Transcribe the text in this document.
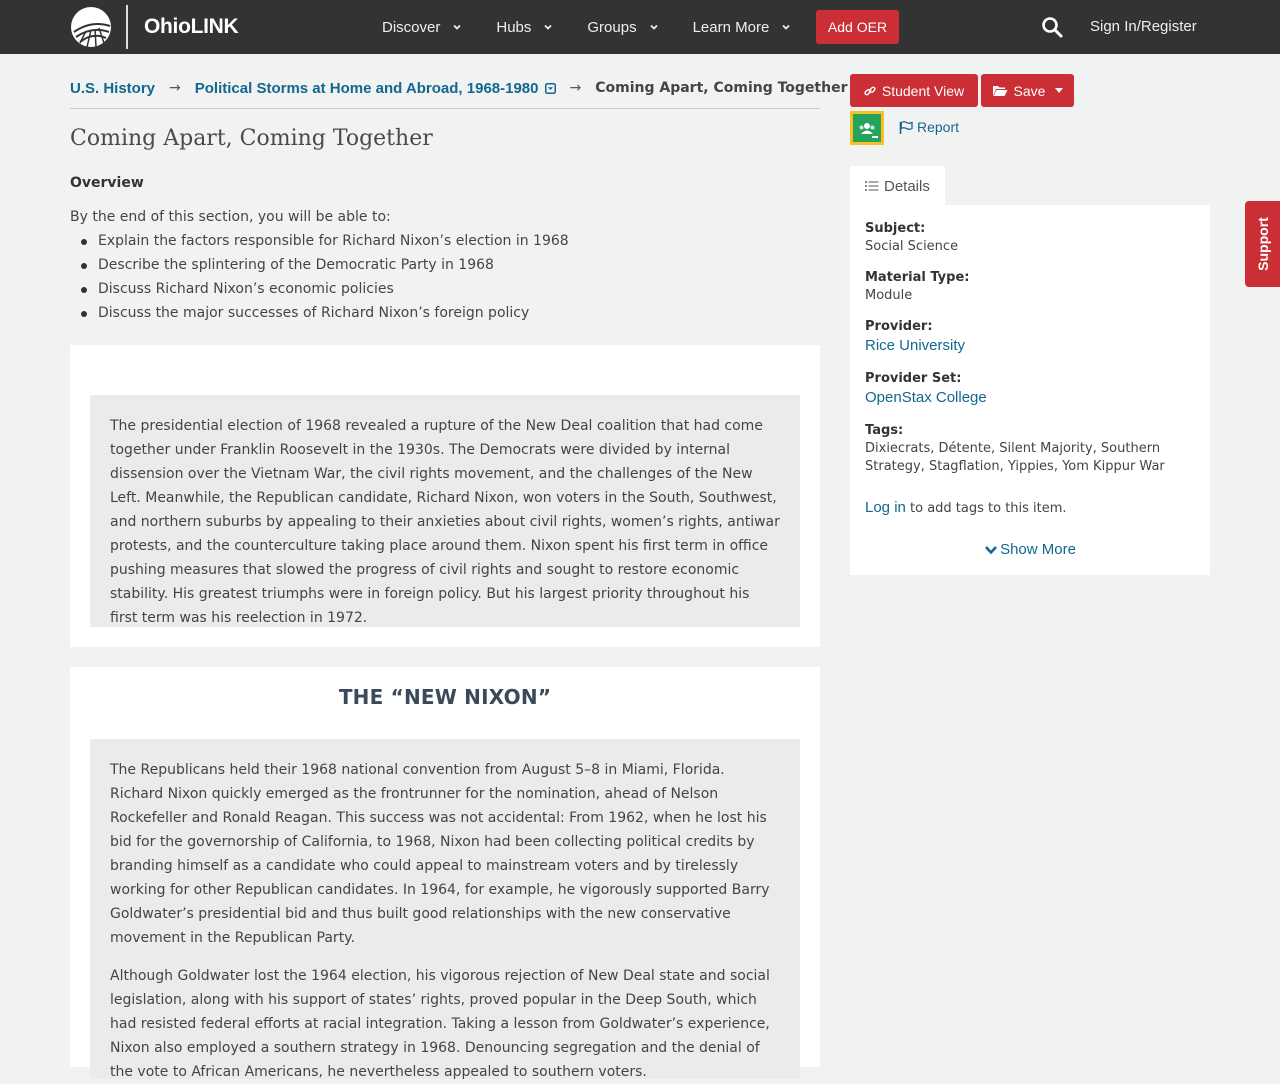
OhioLINK	Discover	Hubs	Groups	Learn More	Add OER	Sign In/Register
U.S. History → Political Storms at Home and Abroad, 1968-1980	→ Coming Apart, Coming Together
Coming Apart, Coming Together
Overview
By the end of this section, you will be able to:
Explain the factors responsible for Richard Nixon’s election in 1968
Describe the splintering of the Democratic Party in 1968
Discuss Richard Nixon’s economic policies
Discuss the major successes of Richard Nixon’s foreign policy

The presidential election of 1968 revealed a rupture of the New Deal coalition that had come together under Franklin Roosevelt in the 1930s. The Democrats were divided by internal dissension over the Vietnam War, the civil rights movement, and the challenges of the New Left. Meanwhile, the Republican candidate, Richard Nixon, won voters in the South, Southwest, and northern suburbs by appealing to their anxieties about civil rights, women’s rights, antiwar protests, and the counterculture taking place around them. Nixon spent his first term in office pushing measures that slowed the progress of civil rights and sought to restore economic stability. His greatest triumphs were in foreign policy. But his largest priority throughout his first term was his reelection in 1972.

THE “NEW NIXON”

The Republicans held their 1968 national convention from August 5–8 in Miami, Florida. Richard Nixon quickly emerged as the frontrunner for the nomination, ahead of Nelson Rockefeller and Ronald Reagan. This success was not accidental: From 1962, when he lost his bid for the governorship of California, to 1968, Nixon had been collecting political credits by branding himself as a candidate who could appeal to mainstream voters and by tirelessly working for other Republican candidates. In 1964, for example, he vigorously supported Barry Goldwater’s presidential bid and thus built good relationships with the new conservative movement in the Republican Party.

Although Goldwater lost the 1964 election, his vigorous rejection of New Deal state and social legislation, along with his support of states’ rights, proved popular in the Deep South, which had resisted federal efforts at racial integration. Taking a lesson from Goldwater’s experience, Nixon also employed a southern strategy in 1968. Denouncing segregation and the denial of the vote to African Americans, he nevertheless appealed to southern voters.

Student View	Save
Report
Details
Subject:
Social Science
Material Type:
Module
Provider:
Rice University
Provider Set:
OpenStax College
Tags:
Dixiecrats, Détente, Silent Majority, Southern Strategy, Stagflation, Yippies, Yom Kippur War
Log in to add tags to this item.
Show More
Support
